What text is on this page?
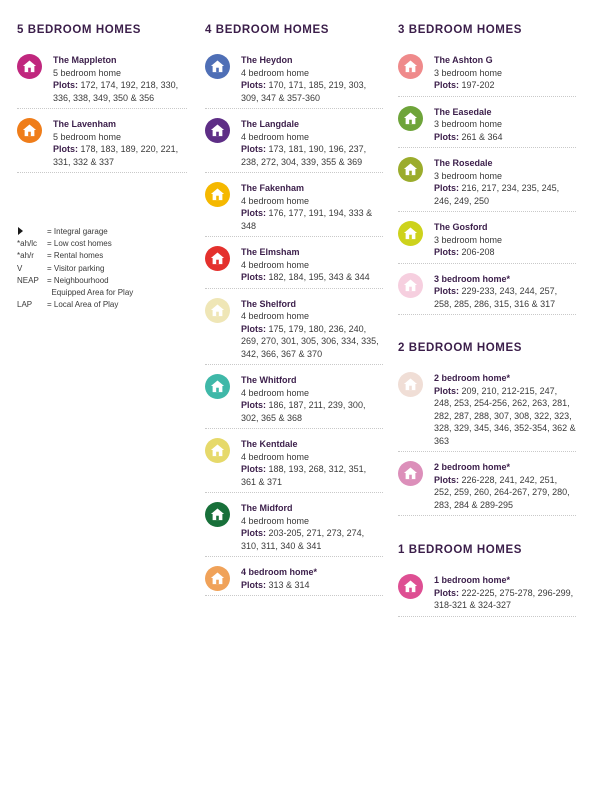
5 BEDROOM HOMES
The Mappleton
5 bedroom home
Plots: 172, 174, 192, 218, 330, 336, 338, 349, 350 & 356
The Lavenham
5 bedroom home
Plots: 178, 183, 189, 220, 221, 331, 332 & 337
= Integral garage
*ah/lc	= Low cost homes
*ah/r	= Rental homes
V	= Visitor parking
NEAP	= Neighbourhood
Equipped Area for Play
LAP	= Local Area of Play
4 BEDROOM HOMES
The Heydon
4 bedroom home
Plots: 170, 171, 185, 219, 303, 309, 347 & 357-360
The Langdale
4 bedroom home
Plots: 173, 181, 190, 196, 237, 238, 272, 304, 339, 355 & 369
The Fakenham
4 bedroom home
Plots: 176, 177, 191, 194, 333 & 348
The Elmsham
4 bedroom home
Plots: 182, 184, 195, 343 & 344
The Shelford
4 bedroom home
Plots: 175, 179, 180, 236, 240, 269, 270, 301, 305, 306, 334, 335, 342, 366, 367 & 370
The Whitford
4 bedroom home
Plots: 186, 187, 211, 239, 300, 302, 365 & 368
The Kentdale
4 bedroom home
Plots: 188, 193, 268, 312, 351, 361 & 371
The Midford
4 bedroom home
Plots: 203-205, 271, 273, 274, 310, 311, 340 & 341
4 bedroom home*
Plots: 313 & 314
3 BEDROOM HOMES
The Ashton G
3 bedroom home
Plots: 197-202
The Easedale
3 bedroom home
Plots: 261 & 364
The Rosedale
3 bedroom home
Plots: 216, 217, 234, 235, 245, 246, 249, 250
The Gosford
3 bedroom home
Plots: 206-208
3 bedroom home*
Plots: 229-233, 243, 244, 257, 258, 285, 286, 315, 316 & 317
2 BEDROOM HOMES
2 bedroom home*
Plots: 209, 210, 212-215, 247, 248, 253, 254-256, 262, 263, 281, 282, 287, 288, 307, 308, 322, 323, 328, 329, 345, 346, 352-354, 362 & 363
2 bedroom home*
Plots: 226-228, 241, 242, 251, 252, 259, 260, 264-267, 279, 280, 283, 284 & 289-295
1 BEDROOM HOMES
1 bedroom home*
Plots: 222-225, 275-278, 296-299, 318-321 & 324-327
